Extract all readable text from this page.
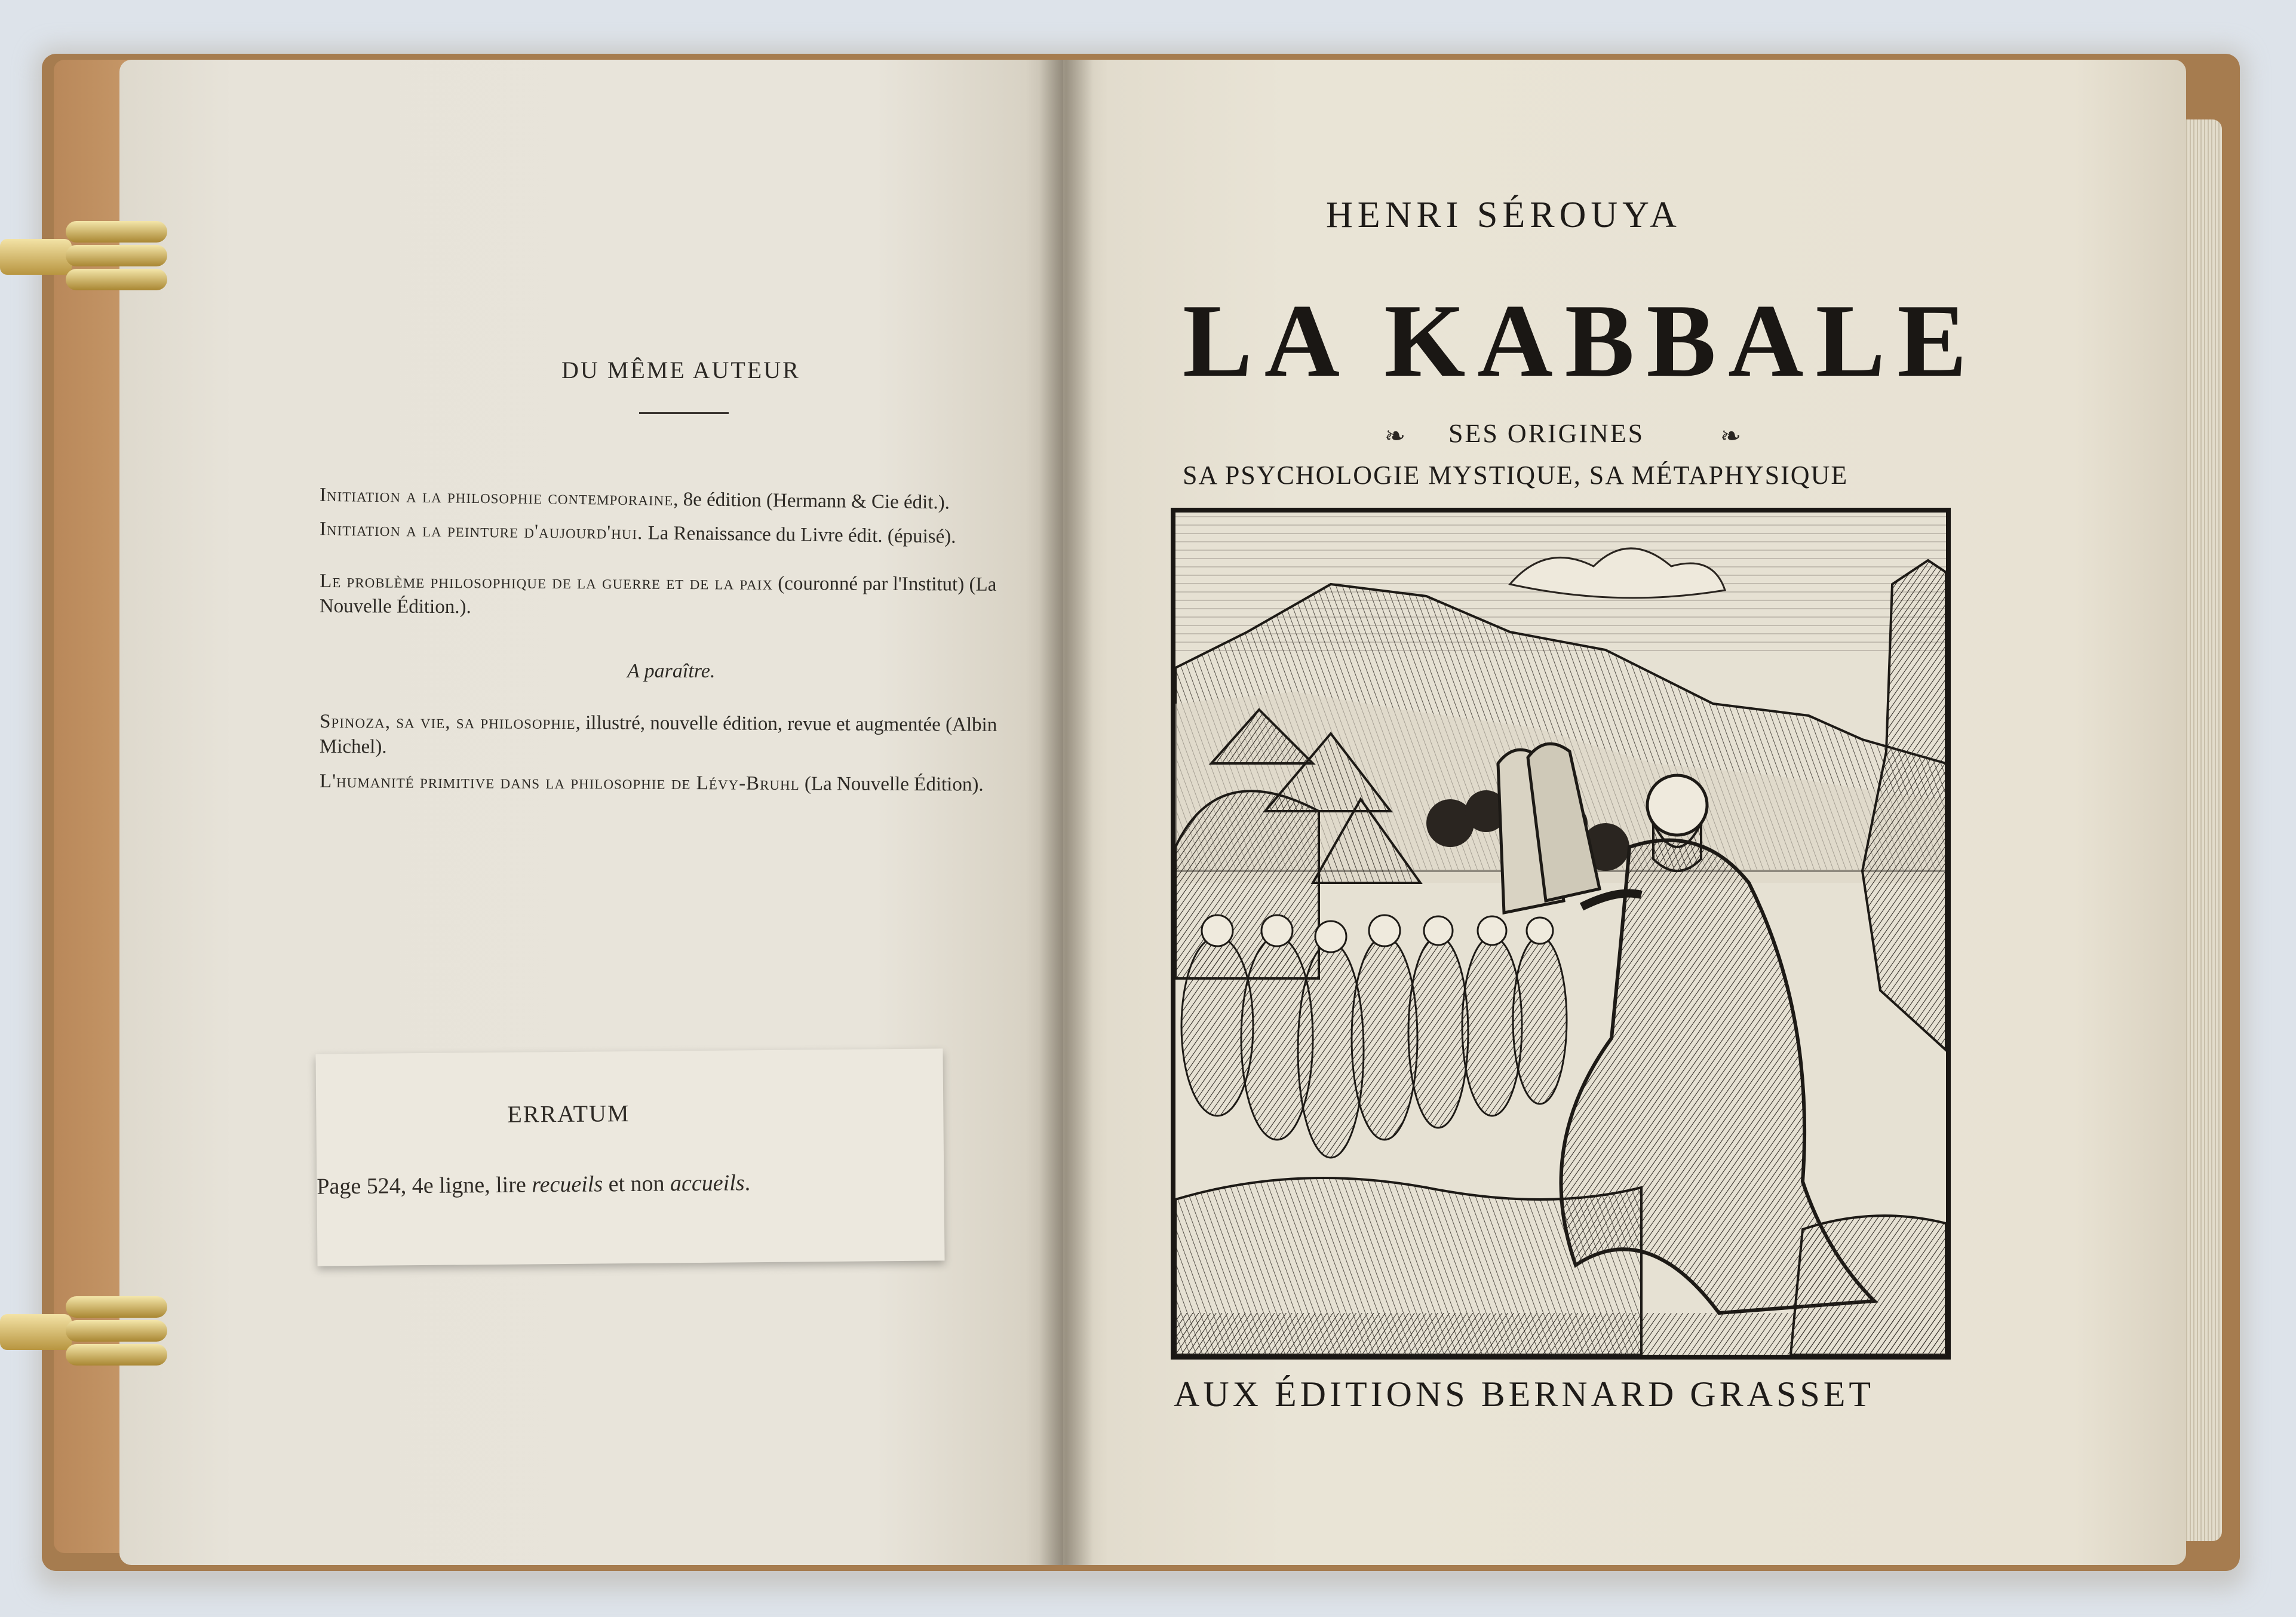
DU MÊME AUTEUR
Initiation a la philosophie contemporaine, 8e édition (Hermann & Cie édit.).
Initiation a la peinture d'aujourd'hui. La Renaissance du Livre édit. (épuisé).
Le problème philosophique de la guerre et de la paix (couronné par l'Institut) (La Nouvelle Édition.).
A paraître.
Spinoza, sa vie, sa philosophie, illustré, nouvelle édition, revue et augmentée (Albin Michel).
L'humanité primitive dans la philosophie de Lévy-Bruhl (La Nouvelle Édition).
ERRATUM
Page 524, 4e ligne, lire recueils et non accueils.
HENRI SÉROUYA
LA KABBALE
❧ SES ORIGINES	❧
SA PSYCHOLOGIE MYSTIQUE, SA MÉTAPHYSIQUE
AUX ÉDITIONS BERNARD GRASSET
